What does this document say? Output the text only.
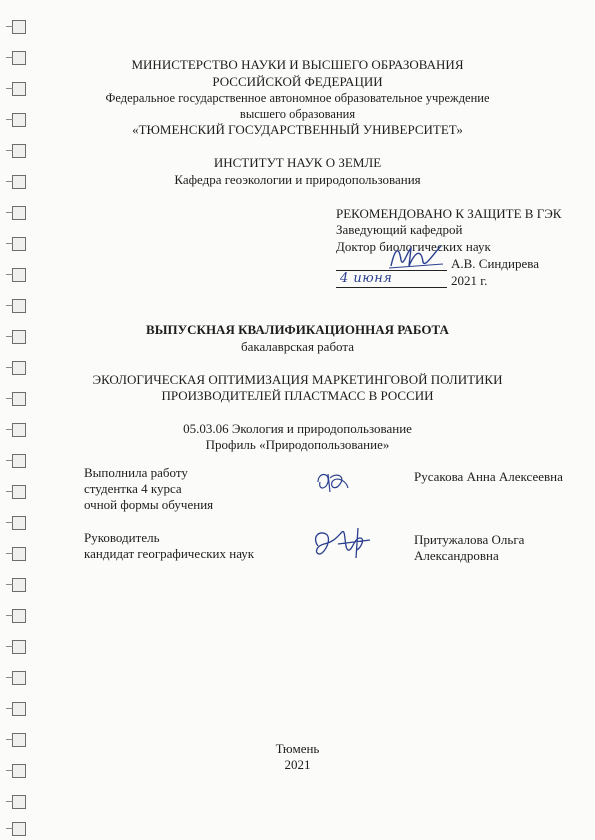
МИНИСТЕРСТВО НАУКИ И ВЫСШЕГО ОБРАЗОВАНИЯ
РОССИЙСКОЙ ФЕДЕРАЦИИ
Федеральное государственное автономное образовательное учреждение
высшего образования
«ТЮМЕНСКИЙ ГОСУДАРСТВЕННЫЙ УНИВЕРСИТЕТ»
ИНСТИТУТ НАУК О ЗЕМЛЕ
Кафедра геоэкологии и природопользования
РЕКОМЕНДОВАНО К ЗАЩИТЕ В ГЭК
Заведующий кафедрой
Доктор биологических наук
А.В. Синдирева
4 июня	2021 г.
ВЫПУСКНАЯ КВАЛИФИКАЦИОННАЯ РАБОТА
бакалаврская работа
ЭКОЛОГИЧЕСКАЯ ОПТИМИЗАЦИЯ МАРКЕТИНГОВОЙ ПОЛИТИКИ
ПРОИЗВОДИТЕЛЕЙ ПЛАСТМАСС В РОССИИ
05.03.06 Экология и природопользование
Профиль «Природопользование»
Выполнила работу
студентка 4 курса
очной формы обучения
Русакова Анна Алексеевна
Руководитель
кандидат географических наук
Притужалова Ольга
Александровна
Тюмень
2021
